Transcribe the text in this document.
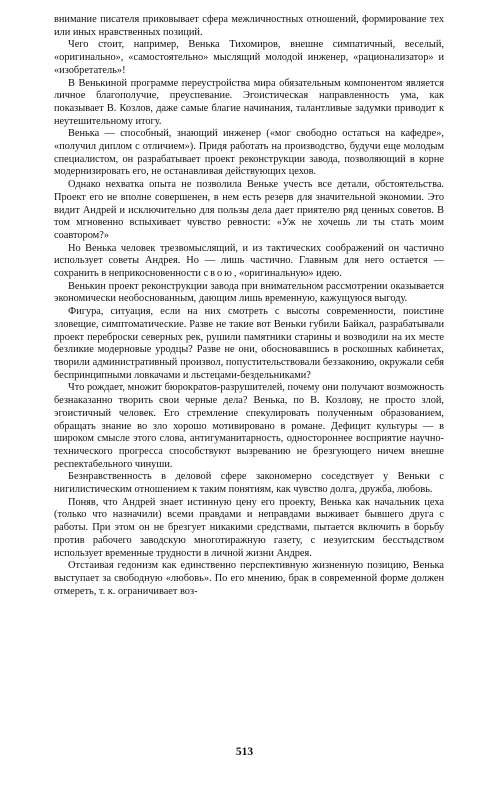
внимание писателя приковывает сфера межличностных отношений, формирование тех или иных нравственных позиций.

Чего стоит, например, Венька Тихомиров, внешне симпатичный, веселый, «оригинально», «самостоятельно» мыслящий молодой инженер, «рационализатор» и «изобретатель»!

В Венькиной программе переустройства мира обязательным компонентом является личное благополучие, преуспевание. Эгоистическая направленность ума, как показывает В. Козлов, даже самые благие начинания, талантливые задумки приводит к неутешительному итогу.

Венька — способный, знающий инженер («мог свободно остаться на кафедре», «получил диплом с отличием»). Придя работать на производство, будучи еще молодым специалистом, он разрабатывает проект реконструкции завода, позволяющий в корне модернизировать его, не останавливая действующих цехов.

Однако нехватка опыта не позволила Веньке учесть все детали, обстоятельства. Проект его не вполне совершенен, в нем есть резерв для значительной экономии. Это видит Андрей и исключительно для пользы дела дает приятелю ряд ценных советов. В том мгновенно вспыхивает чувство ревности: «Уж не хочешь ли ты стать моим соавтором?»

Но Венька человек трезвомыслящий, и из тактических соображений он частично использует советы Андрея. Но — лишь частично. Главным для него остается — сохранить в неприкосновенности свою, «оригинальную» идею.

Венькин проект реконструкции завода при внимательном рассмотрении оказывается экономически необоснованным, дающим лишь временную, кажущуюся выгоду.

Фигура, ситуация, если на них смотреть с высоты современности, поистине зловещие, симптоматические. Разве не такие вот Веньки губили Байкал, разрабатывали проект переброски северных рек, рушили памятники старины и возводили на их месте безликие модерновые уродцы? Разве не они, обосновавшись в роскошных кабинетах, творили административный произвол, попустительствовали беззаконию, окружали себя беспринципными ловкачами и льстецами-бездельниками?

Что рождает, множит бюрократов-разрушителей, почему они получают возможность безнаказанно творить свои черные дела? Венька, по В. Козлову, не просто злой, эгоистичный человек. Его стремление спекулировать полученным образованием, обращать знание во зло хорошо мотивировано в романе. Дефицит культуры — в широком смысле этого слова, антигуманитарность, одностороннее восприятие научно-технического прогресса способствуют вызреванию не брезгующего ничем внешне респектабельного чинуши.

Безнравственность в деловой сфере закономерно соседствует у Веньки с нигилистическим отношением к таким понятиям, как чувство долга, дружба, любовь.

Поняв, что Андрей знает истинную цену его проекту, Венька как начальник цеха (только что назначили) всеми правдами и неправдами выживает бывшего друга с работы. При этом он не брезгует никакими средствами, пытается включить в борьбу против рабочего заводскую многотиражную газету, с иезуитским бесстыдством использует временные трудности в личной жизни Андрея.

Отстаивая гедонизм как единственно перспективную жизненную позицию, Венька выступает за свободную «любовь». По его мнению, брак в современной форме должен отмереть, т. к. ограничивает воз-

513
